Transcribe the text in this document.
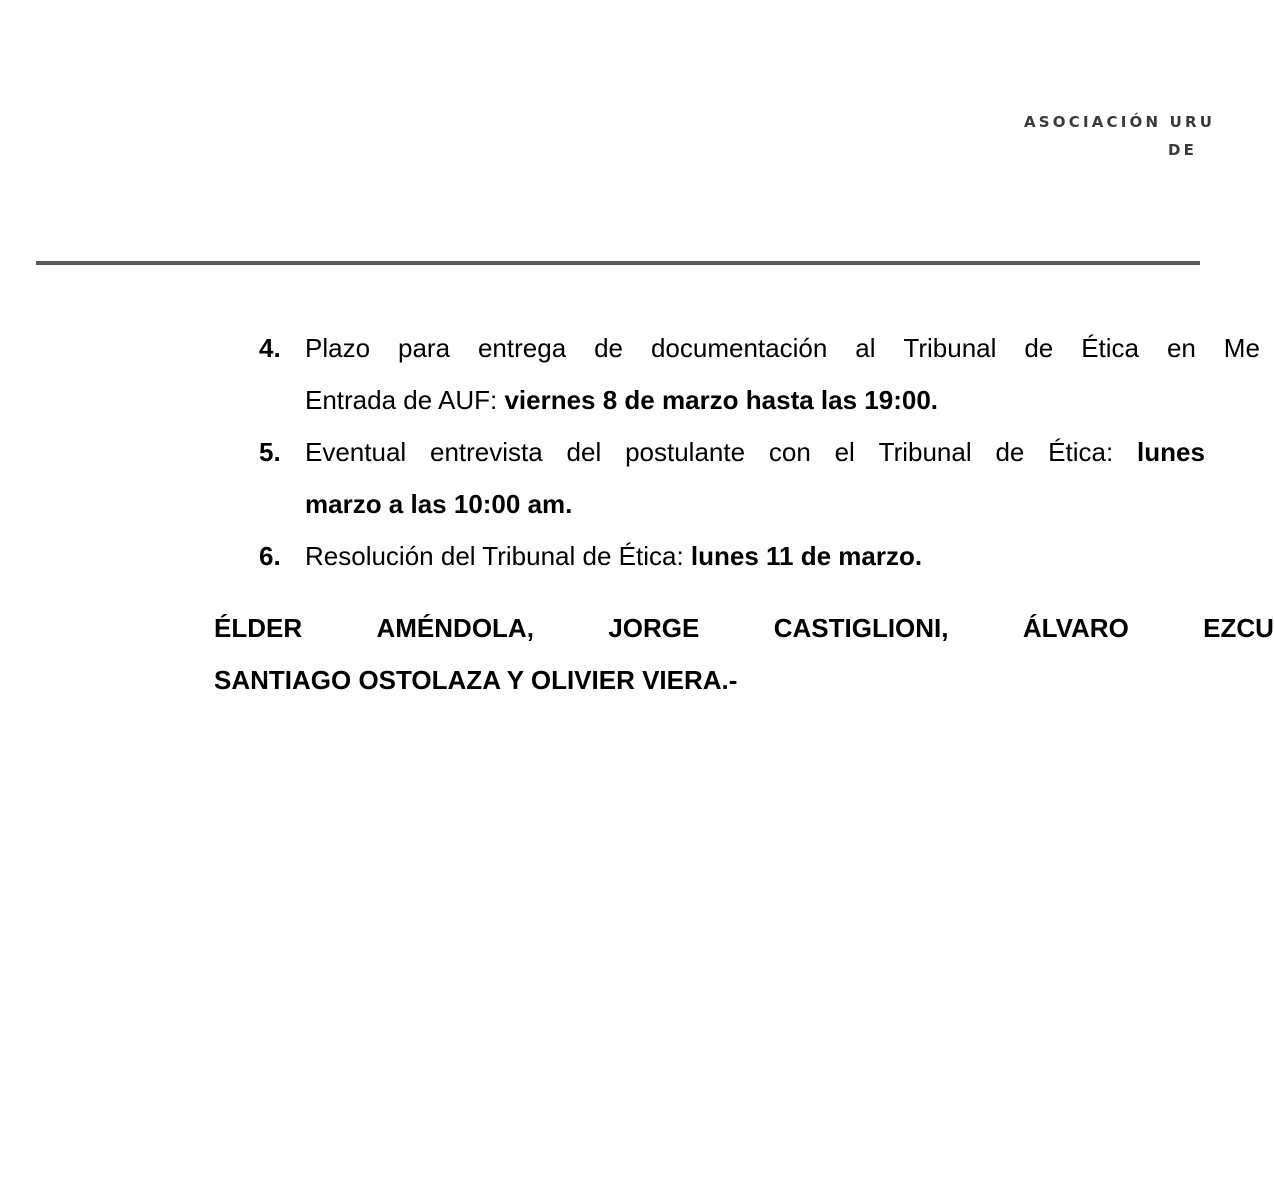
ASOCIACIÓN URU
DE
4. Plazo para entrega de documentación al Tribunal de Ética en Me
Entrada de AUF: viernes 8 de marzo hasta las 19:00.
5. Eventual entrevista del postulante con el Tribunal de Ética: lunes
marzo a las 10:00 am.
6. Resolución del Tribunal de Ética: lunes 11 de marzo.
ÉLDER	AMÉNDOLA,	JORGE	CASTIGLIONI,	ÁLVARO	EZCU
SANTIAGO OSTOLAZA Y OLIVIER VIERA.-
